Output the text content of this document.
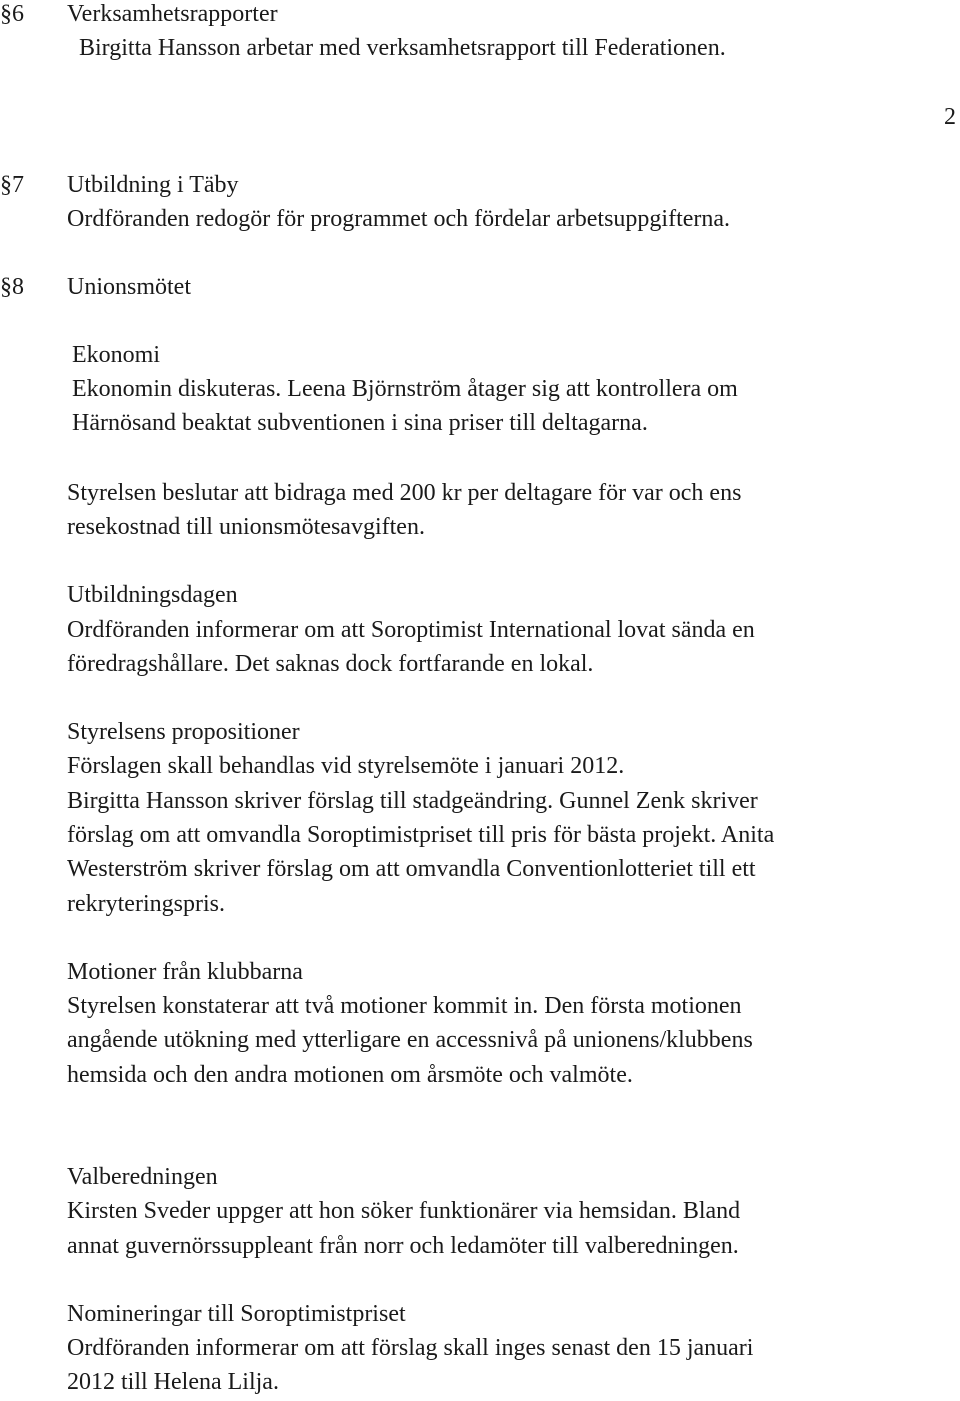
2
§6 Verksamhetsrapporter
Birgitta Hansson arbetar med verksamhetsrapport till Federationen.
§7 Utbildning i Täby
Ordföranden redogör för programmet och fördelar arbetsuppgifterna.
§8 Unionsmötet
Ekonomi
Ekonomin diskuteras. Leena Björnström åtager sig att kontrollera om
Härnösand beaktat subventionen i sina priser till deltagarna.
Styrelsen beslutar att bidraga med 200 kr per deltagare för var och ens
resekostnad till unionsmötesavgiften.
Utbildningsdagen
Ordföranden informerar om att Soroptimist International lovat sända en
föredragshållare. Det saknas dock fortfarande en lokal.
Styrelsens propositioner
Förslagen skall behandlas vid styrelsemöte i januari 2012.
Birgitta Hansson skriver förslag till stadgeändring. Gunnel Zenk skriver
förslag om att omvandla Soroptimistpriset till pris för bästa projekt. Anita
Westerström skriver förslag om att omvandla Conventionlotteriet till ett
rekryteringspris.
Motioner från klubbarna
Styrelsen konstaterar att två motioner kommit in. Den första motionen
angående utökning med ytterligare en accessnivå på unionens/klubbens
hemsida och den andra motionen om årsmöte och valmöte.
Valberedningen
Kirsten Sveder uppger att hon söker funktionärer via hemsidan. Bland
annat guvernörssuppleant från norr och ledamöter till valberedningen.
Nomineringar till Soroptimistpriset
Ordföranden informerar om att förslag skall inges senast den 15 januari
2012 till Helena Lilja.
